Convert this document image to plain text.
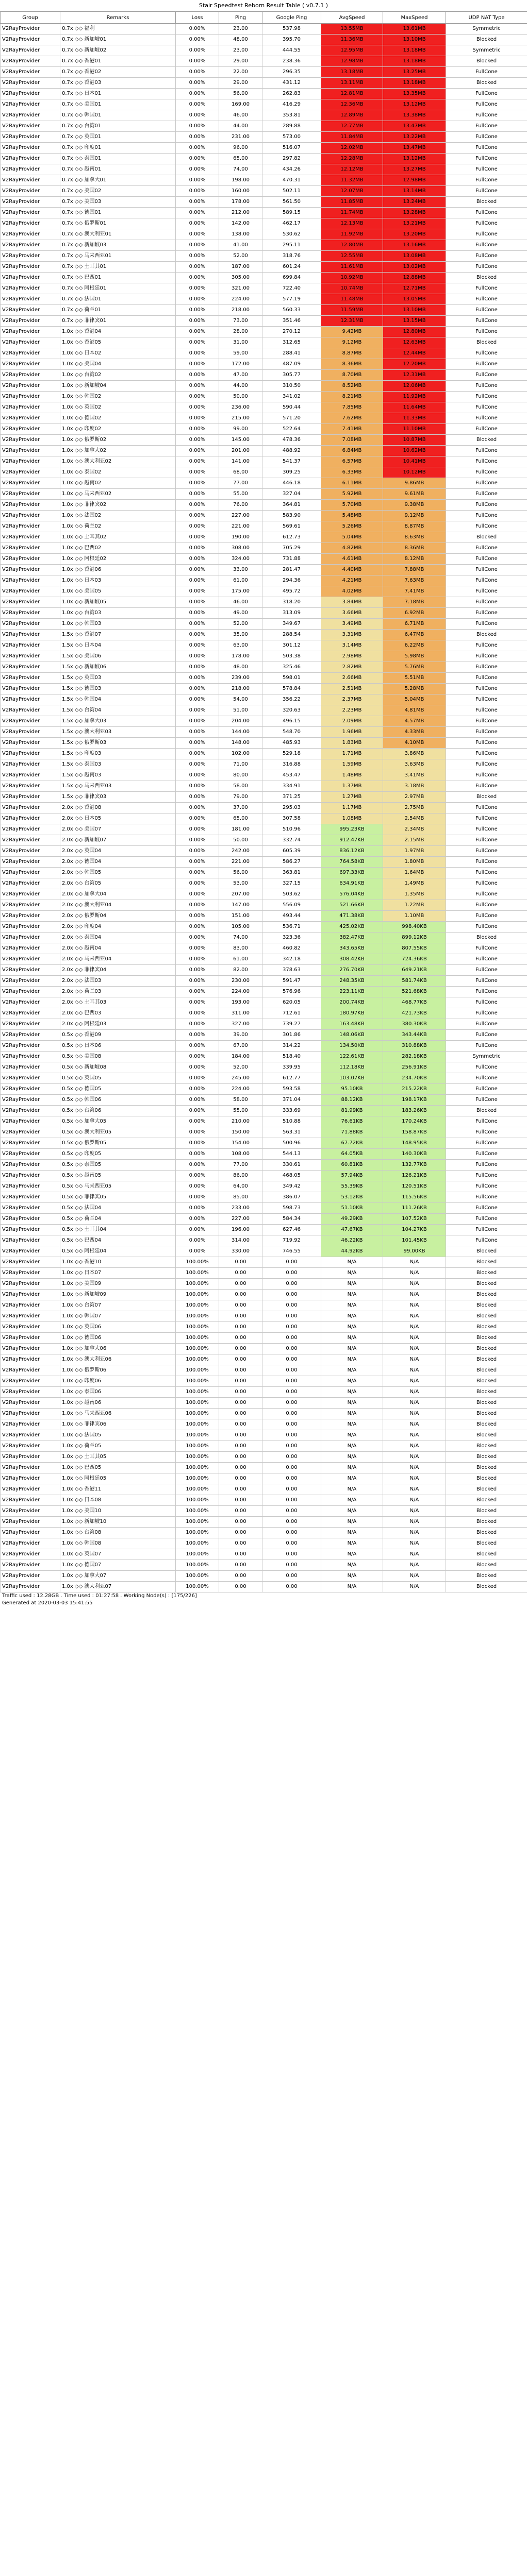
Stair Speedtest Reborn Result Table ( v0.7.1 )
Group	Remarks	Loss	Ping	Google Ping	AvgSpeed	MaxSpeed	UDP NAT Type
V2RayProvider	0.7x ◇◇ 福利	0.00%	23.00	537.98	13.55MB	13.61MB	Symmetric
V2RayProvider	0.7x ◇◇ 新加坡01	0.00%	48.00	395.70	11.36MB	13.10MB	Blocked
V2RayProvider	0.7x ◇◇ 新加坡02	0.00%	23.00	444.55	12.95MB	13.18MB	Symmetric
V2RayProvider	0.7x ◇◇ 香港01	0.00%	29.00	238.36	12.98MB	13.18MB	Blocked
V2RayProvider	0.7x ◇◇ 香港02	0.00%	22.00	296.35	13.18MB	13.25MB	FullCone
V2RayProvider	0.7x ◇◇ 香港03	0.00%	29.00	431.12	13.11MB	13.18MB	Blocked
V2RayProvider	0.7x ◇◇ 日本01	0.00%	56.00	262.83	12.81MB	13.35MB	FullCone
V2RayProvider	0.7x ◇◇ 美国01	0.00%	169.00	416.29	12.36MB	13.12MB	FullCone
V2RayProvider	0.7x ◇◇ 韩国01	0.00%	46.00	353.81	12.89MB	13.38MB	FullCone
V2RayProvider	0.7x ◇◇ 台湾01	0.00%	44.00	289.88	12.77MB	13.47MB	FullCone
V2RayProvider	0.7x ◇◇ 英国01	0.00%	231.00	573.00	11.84MB	13.22MB	FullCone
V2RayProvider	0.7x ◇◇ 印度01	0.00%	96.00	516.07	12.02MB	13.47MB	FullCone
V2RayProvider	0.7x ◇◇ 泰国01	0.00%	65.00	297.82	12.28MB	13.12MB	FullCone
V2RayProvider	0.7x ◇◇ 越南01	0.00%	74.00	434.26	12.12MB	13.27MB	FullCone
V2RayProvider	0.7x ◇◇ 加拿大01	0.00%	198.00	470.31	11.32MB	12.98MB	FullCone
V2RayProvider	0.7x ◇◇ 美国02	0.00%	160.00	502.11	12.07MB	13.14MB	FullCone
V2RayProvider	0.7x ◇◇ 美国03	0.00%	178.00	561.50	11.85MB	13.24MB	Blocked
V2RayProvider	0.7x ◇◇ 德国01	0.00%	212.00	589.15	11.74MB	13.28MB	FullCone
V2RayProvider	0.7x ◇◇ 俄罗斯01	0.00%	142.00	462.17	12.13MB	13.21MB	FullCone
V2RayProvider	0.7x ◇◇ 澳大利亚01	0.00%	138.00	530.62	11.92MB	13.20MB	FullCone
V2RayProvider	0.7x ◇◇ 新加坡03	0.00%	41.00	295.11	12.80MB	13.16MB	FullCone
V2RayProvider	0.7x ◇◇ 马来西亚01	0.00%	52.00	318.76	12.55MB	13.08MB	FullCone
V2RayProvider	0.7x ◇◇ 土耳其01	0.00%	187.00	601.24	11.61MB	13.02MB	FullCone
V2RayProvider	0.7x ◇◇ 巴西01	0.00%	305.00	699.84	10.92MB	12.88MB	Blocked
V2RayProvider	0.7x ◇◇ 阿根廷01	0.00%	321.00	722.40	10.74MB	12.71MB	FullCone
V2RayProvider	0.7x ◇◇ 法国01	0.00%	224.00	577.19	11.48MB	13.05MB	FullCone
V2RayProvider	0.7x ◇◇ 荷兰01	0.00%	218.00	560.33	11.59MB	13.10MB	FullCone
V2RayProvider	0.7x ◇◇ 菲律宾01	0.00%	73.00	351.46	12.31MB	13.15MB	FullCone
V2RayProvider	1.0x ◇◇ 香港04	0.00%	28.00	270.12	9.42MB	12.80MB	FullCone
V2RayProvider	1.0x ◇◇ 香港05	0.00%	31.00	312.65	9.12MB	12.63MB	Blocked
V2RayProvider	1.0x ◇◇ 日本02	0.00%	59.00	288.41	8.87MB	12.44MB	FullCone
V2RayProvider	1.0x ◇◇ 美国04	0.00%	172.00	487.09	8.36MB	12.20MB	FullCone
V2RayProvider	1.0x ◇◇ 台湾02	0.00%	47.00	305.77	8.70MB	12.31MB	FullCone
V2RayProvider	1.0x ◇◇ 新加坡04	0.00%	44.00	310.50	8.52MB	12.06MB	FullCone
V2RayProvider	1.0x ◇◇ 韩国02	0.00%	50.00	341.02	8.21MB	11.92MB	FullCone
V2RayProvider	1.0x ◇◇ 英国02	0.00%	236.00	590.44	7.85MB	11.64MB	FullCone
V2RayProvider	1.0x ◇◇ 德国02	0.00%	215.00	571.20	7.62MB	11.33MB	FullCone
V2RayProvider	1.0x ◇◇ 印度02	0.00%	99.00	522.64	7.41MB	11.10MB	FullCone
V2RayProvider	1.0x ◇◇ 俄罗斯02	0.00%	145.00	478.36	7.08MB	10.87MB	Blocked
V2RayProvider	1.0x ◇◇ 加拿大02	0.00%	201.00	488.92	6.84MB	10.62MB	FullCone
V2RayProvider	1.0x ◇◇ 澳大利亚02	0.00%	141.00	541.37	6.57MB	10.41MB	FullCone
V2RayProvider	1.0x ◇◇ 泰国02	0.00%	68.00	309.25	6.33MB	10.12MB	FullCone
V2RayProvider	1.0x ◇◇ 越南02	0.00%	77.00	446.18	6.11MB	9.86MB	FullCone
V2RayProvider	1.0x ◇◇ 马来西亚02	0.00%	55.00	327.04	5.92MB	9.61MB	FullCone
V2RayProvider	1.0x ◇◇ 菲律宾02	0.00%	76.00	364.81	5.70MB	9.38MB	FullCone
V2RayProvider	1.0x ◇◇ 法国02	0.00%	227.00	583.90	5.48MB	9.12MB	FullCone
V2RayProvider	1.0x ◇◇ 荷兰02	0.00%	221.00	569.61	5.26MB	8.87MB	FullCone
V2RayProvider	1.0x ◇◇ 土耳其02	0.00%	190.00	612.73	5.04MB	8.63MB	Blocked
V2RayProvider	1.0x ◇◇ 巴西02	0.00%	308.00	705.29	4.82MB	8.36MB	FullCone
V2RayProvider	1.0x ◇◇ 阿根廷02	0.00%	324.00	731.88	4.61MB	8.12MB	FullCone
V2RayProvider	1.0x ◇◇ 香港06	0.00%	33.00	281.47	4.40MB	7.88MB	FullCone
V2RayProvider	1.0x ◇◇ 日本03	0.00%	61.00	294.36	4.21MB	7.63MB	FullCone
V2RayProvider	1.0x ◇◇ 美国05	0.00%	175.00	495.72	4.02MB	7.41MB	FullCone
V2RayProvider	1.0x ◇◇ 新加坡05	0.00%	46.00	318.20	3.84MB	7.18MB	FullCone
V2RayProvider	1.0x ◇◇ 台湾03	0.00%	49.00	313.09	3.66MB	6.92MB	FullCone
V2RayProvider	1.0x ◇◇ 韩国03	0.00%	52.00	349.67	3.49MB	6.71MB	FullCone
V2RayProvider	1.5x ◇◇ 香港07	0.00%	35.00	288.54	3.31MB	6.47MB	Blocked
V2RayProvider	1.5x ◇◇ 日本04	0.00%	63.00	301.12	3.14MB	6.22MB	FullCone
V2RayProvider	1.5x ◇◇ 美国06	0.00%	178.00	503.38	2.98MB	5.98MB	FullCone
V2RayProvider	1.5x ◇◇ 新加坡06	0.00%	48.00	325.46	2.82MB	5.76MB	FullCone
V2RayProvider	1.5x ◇◇ 英国03	0.00%	239.00	598.01	2.66MB	5.51MB	FullCone
V2RayProvider	1.5x ◇◇ 德国03	0.00%	218.00	578.84	2.51MB	5.28MB	FullCone
V2RayProvider	1.5x ◇◇ 韩国04	0.00%	54.00	356.22	2.37MB	5.04MB	FullCone
V2RayProvider	1.5x ◇◇ 台湾04	0.00%	51.00	320.63	2.23MB	4.81MB	FullCone
V2RayProvider	1.5x ◇◇ 加拿大03	0.00%	204.00	496.15	2.09MB	4.57MB	FullCone
V2RayProvider	1.5x ◇◇ 澳大利亚03	0.00%	144.00	548.70	1.96MB	4.33MB	FullCone
V2RayProvider	1.5x ◇◇ 俄罗斯03	0.00%	148.00	485.93	1.83MB	4.10MB	FullCone
V2RayProvider	1.5x ◇◇ 印度03	0.00%	102.00	529.18	1.71MB	3.86MB	FullCone
V2RayProvider	1.5x ◇◇ 泰国03	0.00%	71.00	316.88	1.59MB	3.63MB	FullCone
V2RayProvider	1.5x ◇◇ 越南03	0.00%	80.00	453.47	1.48MB	3.41MB	FullCone
V2RayProvider	1.5x ◇◇ 马来西亚03	0.00%	58.00	334.91	1.37MB	3.18MB	FullCone
V2RayProvider	1.5x ◇◇ 菲律宾03	0.00%	79.00	371.25	1.27MB	2.97MB	Blocked
V2RayProvider	2.0x ◇◇ 香港08	0.00%	37.00	295.03	1.17MB	2.75MB	FullCone
V2RayProvider	2.0x ◇◇ 日本05	0.00%	65.00	307.58	1.08MB	2.54MB	FullCone
V2RayProvider	2.0x ◇◇ 美国07	0.00%	181.00	510.96	995.23KB	2.34MB	FullCone
V2RayProvider	2.0x ◇◇ 新加坡07	0.00%	50.00	332.74	912.47KB	2.15MB	FullCone
V2RayProvider	2.0x ◇◇ 英国04	0.00%	242.00	605.39	836.12KB	1.97MB	FullCone
V2RayProvider	2.0x ◇◇ 德国04	0.00%	221.00	586.27	764.58KB	1.80MB	FullCone
V2RayProvider	2.0x ◇◇ 韩国05	0.00%	56.00	363.81	697.33KB	1.64MB	FullCone
V2RayProvider	2.0x ◇◇ 台湾05	0.00%	53.00	327.15	634.91KB	1.49MB	FullCone
V2RayProvider	2.0x ◇◇ 加拿大04	0.00%	207.00	503.62	576.04KB	1.35MB	FullCone
V2RayProvider	2.0x ◇◇ 澳大利亚04	0.00%	147.00	556.09	521.66KB	1.22MB	FullCone
V2RayProvider	2.0x ◇◇ 俄罗斯04	0.00%	151.00	493.44	471.38KB	1.10MB	FullCone
V2RayProvider	2.0x ◇◇ 印度04	0.00%	105.00	536.71	425.02KB	998.40KB	FullCone
V2RayProvider	2.0x ◇◇ 泰国04	0.00%	74.00	323.36	382.47KB	899.12KB	Blocked
V2RayProvider	2.0x ◇◇ 越南04	0.00%	83.00	460.82	343.65KB	807.55KB	FullCone
V2RayProvider	2.0x ◇◇ 马来西亚04	0.00%	61.00	342.18	308.42KB	724.36KB	FullCone
V2RayProvider	2.0x ◇◇ 菲律宾04	0.00%	82.00	378.63	276.70KB	649.21KB	FullCone
V2RayProvider	2.0x ◇◇ 法国03	0.00%	230.00	591.47	248.35KB	581.74KB	FullCone
V2RayProvider	2.0x ◇◇ 荷兰03	0.00%	224.00	576.96	223.11KB	521.68KB	FullCone
V2RayProvider	2.0x ◇◇ 土耳其03	0.00%	193.00	620.05	200.74KB	468.77KB	FullCone
V2RayProvider	2.0x ◇◇ 巴西03	0.00%	311.00	712.61	180.97KB	421.73KB	FullCone
V2RayProvider	2.0x ◇◇ 阿根廷03	0.00%	327.00	739.27	163.48KB	380.30KB	FullCone
V2RayProvider	0.5x ◇◇ 香港09	0.00%	39.00	301.86	148.06KB	343.44KB	FullCone
V2RayProvider	0.5x ◇◇ 日本06	0.00%	67.00	314.22	134.50KB	310.88KB	FullCone
V2RayProvider	0.5x ◇◇ 美国08	0.00%	184.00	518.40	122.61KB	282.18KB	Symmetric
V2RayProvider	0.5x ◇◇ 新加坡08	0.00%	52.00	339.95	112.18KB	256.91KB	FullCone
V2RayProvider	0.5x ◇◇ 英国05	0.00%	245.00	612.77	103.07KB	234.70KB	FullCone
V2RayProvider	0.5x ◇◇ 德国05	0.00%	224.00	593.58	95.10KB	215.22KB	FullCone
V2RayProvider	0.5x ◇◇ 韩国06	0.00%	58.00	371.04	88.12KB	198.17KB	FullCone
V2RayProvider	0.5x ◇◇ 台湾06	0.00%	55.00	333.69	81.99KB	183.26KB	Blocked
V2RayProvider	0.5x ◇◇ 加拿大05	0.00%	210.00	510.88	76.61KB	170.24KB	FullCone
V2RayProvider	0.5x ◇◇ 澳大利亚05	0.00%	150.00	563.31	71.88KB	158.87KB	FullCone
V2RayProvider	0.5x ◇◇ 俄罗斯05	0.00%	154.00	500.96	67.72KB	148.95KB	FullCone
V2RayProvider	0.5x ◇◇ 印度05	0.00%	108.00	544.13	64.05KB	140.30KB	FullCone
V2RayProvider	0.5x ◇◇ 泰国05	0.00%	77.00	330.61	60.81KB	132.77KB	FullCone
V2RayProvider	0.5x ◇◇ 越南05	0.00%	86.00	468.05	57.94KB	126.21KB	FullCone
V2RayProvider	0.5x ◇◇ 马来西亚05	0.00%	64.00	349.42	55.39KB	120.51KB	FullCone
V2RayProvider	0.5x ◇◇ 菲律宾05	0.00%	85.00	386.07	53.12KB	115.56KB	FullCone
V2RayProvider	0.5x ◇◇ 法国04	0.00%	233.00	598.73	51.10KB	111.26KB	FullCone
V2RayProvider	0.5x ◇◇ 荷兰04	0.00%	227.00	584.34	49.29KB	107.52KB	FullCone
V2RayProvider	0.5x ◇◇ 土耳其04	0.00%	196.00	627.46	47.67KB	104.27KB	FullCone
V2RayProvider	0.5x ◇◇ 巴西04	0.00%	314.00	719.92	46.22KB	101.45KB	FullCone
V2RayProvider	0.5x ◇◇ 阿根廷04	0.00%	330.00	746.55	44.92KB	99.00KB	Blocked
V2RayProvider	1.0x ◇◇ 香港10	100.00%	0.00	0.00	N/A	N/A	Blocked
V2RayProvider	1.0x ◇◇ 日本07	100.00%	0.00	0.00	N/A	N/A	Blocked
V2RayProvider	1.0x ◇◇ 美国09	100.00%	0.00	0.00	N/A	N/A	Blocked
V2RayProvider	1.0x ◇◇ 新加坡09	100.00%	0.00	0.00	N/A	N/A	Blocked
V2RayProvider	1.0x ◇◇ 台湾07	100.00%	0.00	0.00	N/A	N/A	Blocked
V2RayProvider	1.0x ◇◇ 韩国07	100.00%	0.00	0.00	N/A	N/A	Blocked
V2RayProvider	1.0x ◇◇ 英国06	100.00%	0.00	0.00	N/A	N/A	Blocked
V2RayProvider	1.0x ◇◇ 德国06	100.00%	0.00	0.00	N/A	N/A	Blocked
V2RayProvider	1.0x ◇◇ 加拿大06	100.00%	0.00	0.00	N/A	N/A	Blocked
V2RayProvider	1.0x ◇◇ 澳大利亚06	100.00%	0.00	0.00	N/A	N/A	Blocked
V2RayProvider	1.0x ◇◇ 俄罗斯06	100.00%	0.00	0.00	N/A	N/A	Blocked
V2RayProvider	1.0x ◇◇ 印度06	100.00%	0.00	0.00	N/A	N/A	Blocked
V2RayProvider	1.0x ◇◇ 泰国06	100.00%	0.00	0.00	N/A	N/A	Blocked
V2RayProvider	1.0x ◇◇ 越南06	100.00%	0.00	0.00	N/A	N/A	Blocked
V2RayProvider	1.0x ◇◇ 马来西亚06	100.00%	0.00	0.00	N/A	N/A	Blocked
V2RayProvider	1.0x ◇◇ 菲律宾06	100.00%	0.00	0.00	N/A	N/A	Blocked
V2RayProvider	1.0x ◇◇ 法国05	100.00%	0.00	0.00	N/A	N/A	Blocked
V2RayProvider	1.0x ◇◇ 荷兰05	100.00%	0.00	0.00	N/A	N/A	Blocked
V2RayProvider	1.0x ◇◇ 土耳其05	100.00%	0.00	0.00	N/A	N/A	Blocked
V2RayProvider	1.0x ◇◇ 巴西05	100.00%	0.00	0.00	N/A	N/A	Blocked
V2RayProvider	1.0x ◇◇ 阿根廷05	100.00%	0.00	0.00	N/A	N/A	Blocked
V2RayProvider	1.0x ◇◇ 香港11	100.00%	0.00	0.00	N/A	N/A	Blocked
V2RayProvider	1.0x ◇◇ 日本08	100.00%	0.00	0.00	N/A	N/A	Blocked
V2RayProvider	1.0x ◇◇ 美国10	100.00%	0.00	0.00	N/A	N/A	Blocked
V2RayProvider	1.0x ◇◇ 新加坡10	100.00%	0.00	0.00	N/A	N/A	Blocked
V2RayProvider	1.0x ◇◇ 台湾08	100.00%	0.00	0.00	N/A	N/A	Blocked
V2RayProvider	1.0x ◇◇ 韩国08	100.00%	0.00	0.00	N/A	N/A	Blocked
V2RayProvider	1.0x ◇◇ 英国07	100.00%	0.00	0.00	N/A	N/A	Blocked
V2RayProvider	1.0x ◇◇ 德国07	100.00%	0.00	0.00	N/A	N/A	Blocked
V2RayProvider	1.0x ◇◇ 加拿大07	100.00%	0.00	0.00	N/A	N/A	Blocked
V2RayProvider	1.0x ◇◇ 澳大利亚07	100.00%	0.00	0.00	N/A	N/A	Blocked
Traffic used : 12.28GB . Time used : 01:27:58 . Working Node(s) : [175/226]
Generated at 2020-03-03 15:41:55
